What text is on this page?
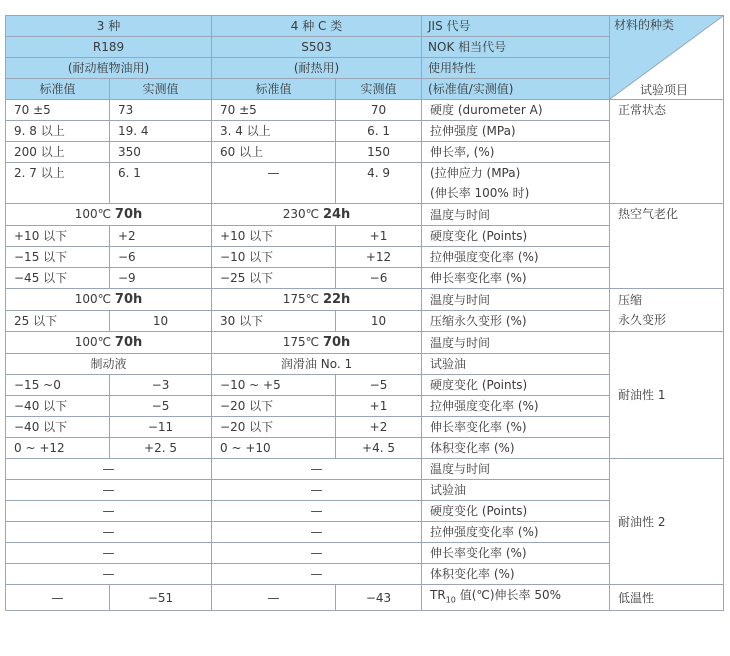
3 种		4 种 C 类		JIS 代号	材料的种类
试验项目

R189		S503		NOK 相当代号	
(耐动植物油用)		(耐热用)		使用特性	
标准值	实测值	标准值	实测值	(标准值/实测值)	
70 ±5	73	70 ±5	70	硬度 (durometer A)	正常状态
9. 8 以上	19. 4	3. 4 以上	6. 1	拉伸强度 (MPa)	
200 以上	350	60 以上	150	伸长率, (%)	
2. 7 以上	6. 1	—	4. 9	(拉伸应力 (MPa)	
				(伸长率 100% 时)	
100℃ 70h		230℃ 24h		温度与时间	热空气老化
+10 以下	+2	+10 以下	+1	硬度变化 (Points)	
−15 以下	−6	−10 以下	+12	拉伸强度变化率 (%)	
−45 以下	−9	−25 以下	−6	伸长率变化率 (%)	
100℃ 70h		175℃ 22h		温度与时间	压缩
永久变形
25 以下	10	30 以下	10	压缩永久变形 (%)	
100℃ 70h		175℃ 70h		温度与时间	耐油性 1
制动液		润滑油 No. 1		试验油	
−15 ~0	−3	−10 ~ +5	−5	硬度变化 (Points)	
−40 以下	−5	−20 以下	+1	拉伸强度变化率 (%)	
−40 以下	−11	−20 以下	+2	伸长率变化率 (%)	
0 ~ +12	+2. 5	0 ~ +10	+4. 5	体积变化率 (%)	
—		—		温度与时间	耐油性 2
—		—		试验油	
—		—		硬度变化 (Points)	
—		—		拉伸强度变化率 (%)	
—		—		伸长率变化率 (%)	
—		—		体积变化率 (%)	
—	−51	—	−43	$TR_{10}$ 值(℃)伸长率 50%	低温性
